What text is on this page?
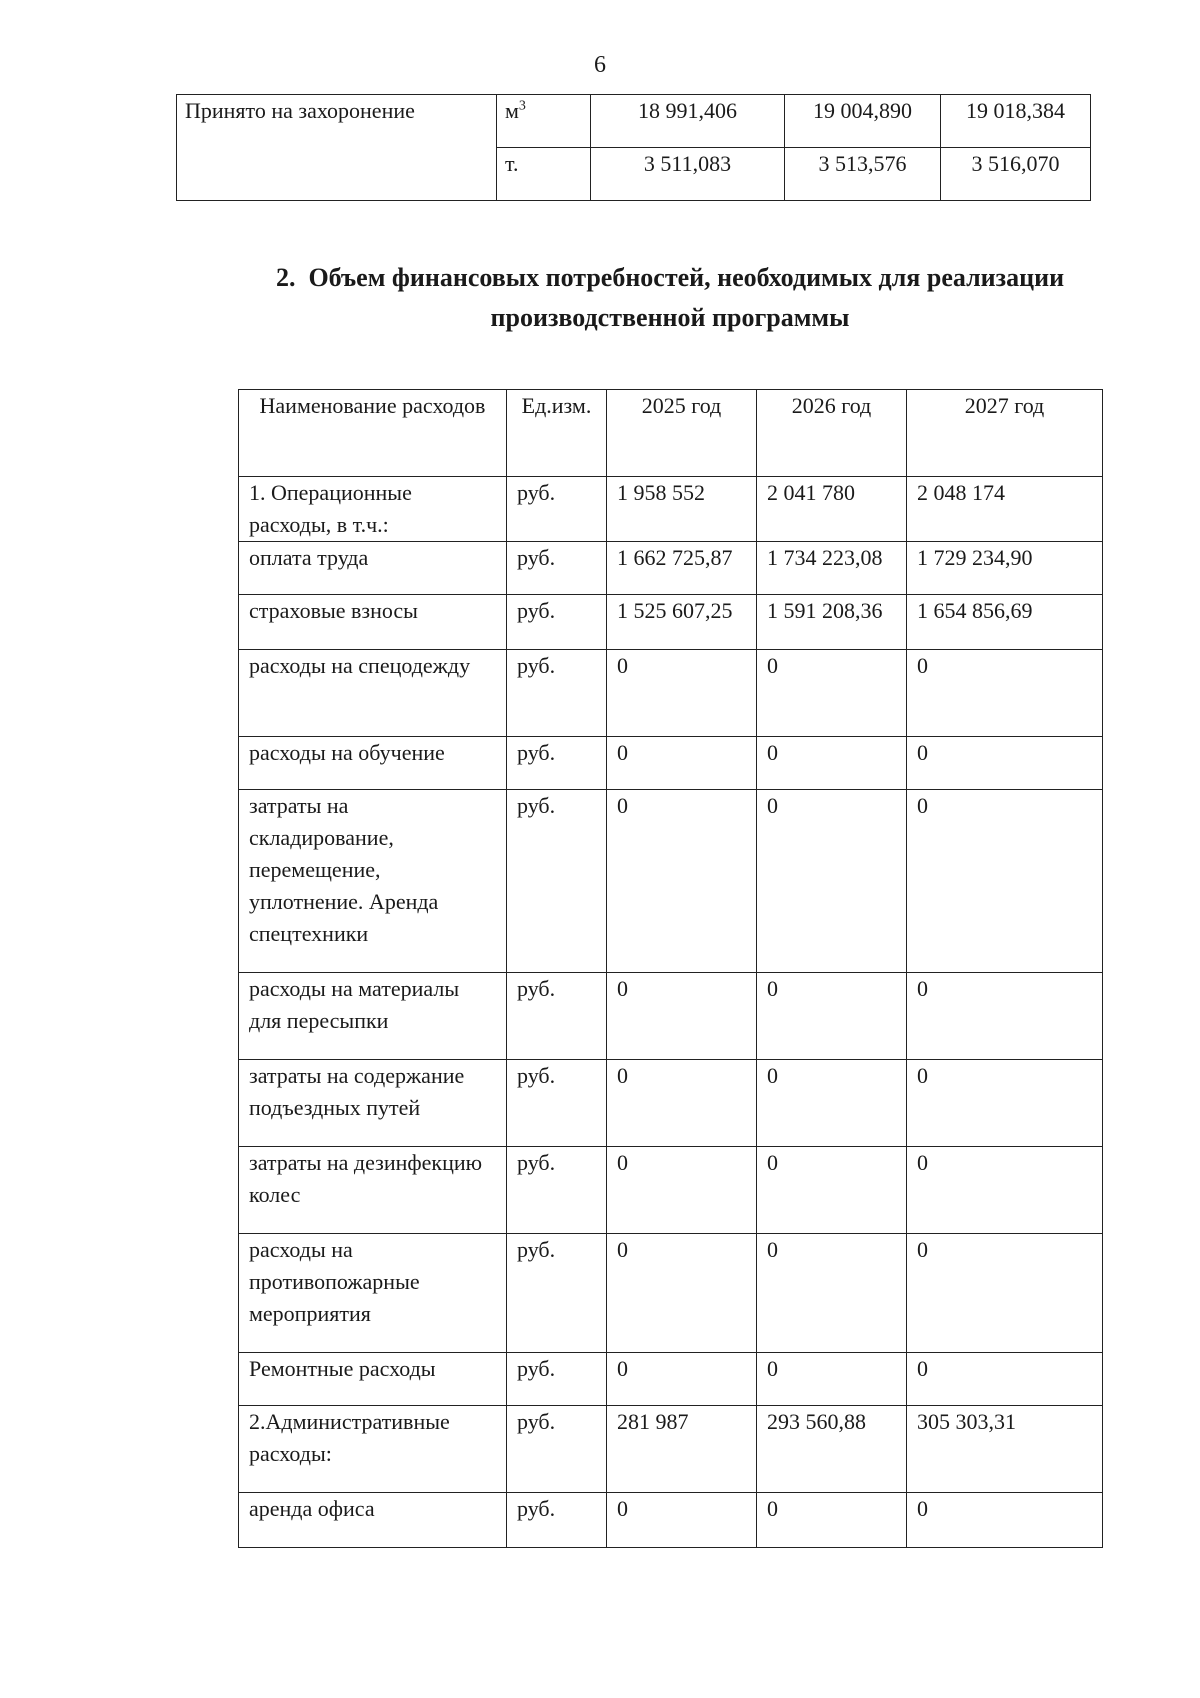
6
Принято на захоронение	$м^3$	18 991,406	19 004,890	19 018,384
	т.	3 511,083	3 513,576	3 516,070
2. Объем финансовых потребностей, необходимых для реализации
производственной программы
Наименование расходов	Ед.изм.	2025 год	2026 год	2027 год
1. Операционные расходы, в т.ч.:	руб.	1 958 552	2 041 780	2 048 174
оплата труда	руб.	1 662 725,87	1 734 223,08	1 729 234,90
страховые взносы	руб.	1 525 607,25	1 591 208,36	1 654 856,69
расходы на спецодежду	руб.	0	0	0
расходы на обучение	руб.	0	0	0
затраты на складирование, перемещение, уплотнение. Аренда спецтехники	руб.	0	0	0
расходы на материалы для пересыпки	руб.	0	0	0
затраты на содержание подъездных путей	руб.	0	0	0
затраты на дезинфекцию колес	руб.	0	0	0
расходы на противопожарные мероприятия	руб.	0	0	0
Ремонтные расходы	руб.	0	0	0
2.Административные расходы:	руб.	281 987	293 560,88	305 303,31
аренда офиса	руб.	0	0	0
